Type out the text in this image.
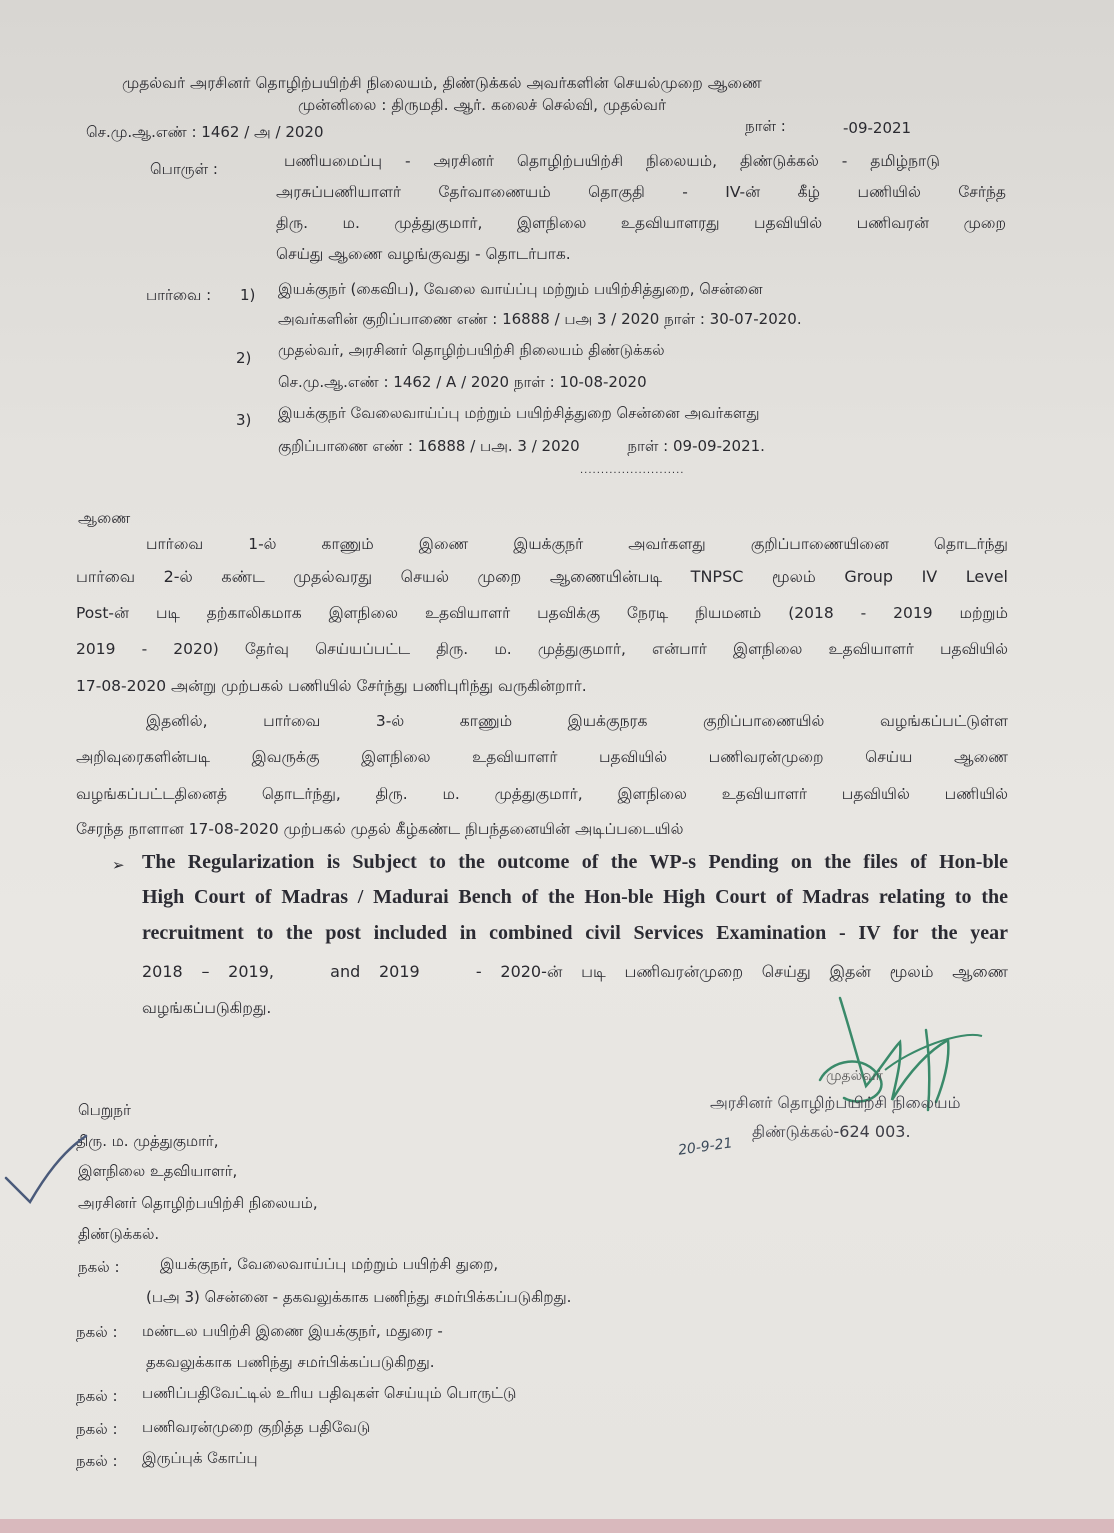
முதல்வர் அரசினர் தொழிற்பயிற்சி நிலையம், திண்டுக்கல் அவர்களின் செயல்முறை ஆணை
முன்னிலை : திருமதி. ஆர். கலைச் செல்வி, முதல்வர்
செ.மு.ஆ.எண் : 1462 / அ / 2020	நாள் :	-09-2021
பொருள் :	பணியமைப்பு - அரசினர் தொழிற்பயிற்சி நிலையம், திண்டுக்கல் - தமிழ்நாடு
அரசுப்பணியாளர் தேர்வாணையம் தொகுதி - IV-ன் கீழ் பணியில் சேர்ந்த
திரு. ம. முத்துகுமார், இளநிலை உதவியாளரது பதவியில் பணிவரன் முறை
செய்து ஆணை வழங்குவது - தொடர்பாக.
பார்வை : 1) இயக்குநர் (கைவிப), வேலை வாய்ப்பு மற்றும் பயிற்சித்துறை, சென்னை
அவர்களின் குறிப்பாணை எண் : 16888 / பஅ 3 / 2020 நாள் : 30-07-2020.
2) முதல்வர், அரசினர் தொழிற்பயிற்சி நிலையம் திண்டுக்கல்
செ.மு.ஆ.எண் : 1462 / A / 2020 நாள் : 10-08-2020
3) இயக்குநர் வேலைவாய்ப்பு மற்றும் பயிற்சித்துறை சென்னை அவர்களது
குறிப்பாணை எண் : 16888 / பஅ. 3 / 2020          நாள் : 09-09-2021.
.........................
ஆணை
பார்வை 1-ல் காணும் இணை இயக்குநர் அவர்களது குறிப்பாணையினை தொடர்ந்து
பார்வை 2-ல் கண்ட முதல்வரது செயல் முறை ஆணையின்படி TNPSC மூலம் Group IV Level
Post-ன் படி தற்காலிகமாக இளநிலை உதவியாளர் பதவிக்கு நேரடி நியமனம் (2018 - 2019 மற்றும்
2019 - 2020) தேர்வு செய்யப்பட்ட திரு. ம. முத்துகுமார், என்பார் இளநிலை உதவியாளர் பதவியில்
17-08-2020 அன்று முற்பகல் பணியில் சேர்ந்து பணிபுரிந்து வருகின்றார்.
இதனில், பார்வை 3-ல் காணும் இயக்குநரக குறிப்பாணையில் வழங்கப்பட்டுள்ள
அறிவுரைகளின்படி இவருக்கு இளநிலை உதவியாளர் பதவியில் பணிவரன்முறை செய்ய ஆணை
வழங்கப்பட்டதினைத் தொடர்ந்து, திரு. ம. முத்துகுமார், இளநிலை உதவியாளர் பதவியில் பணியில்
சேரந்த நாளான 17-08-2020 முற்பகல் முதல் கீழ்கண்ட நிபந்தனையின் அடிப்படையில்
➢ The Regularization is Subject to the outcome of the WP-s Pending on the files of Hon-ble
High Court of Madras / Madurai Bench of the Hon-ble High Court of Madras relating to the
recruitment to the post included in combined civil Services Examination - IV for the year
2018 – 2019,   and 2019   - 2020-ன் படி பணிவரன்முறை செய்து இதன் மூலம் ஆணை
வழங்கப்படுகிறது.
முதல்வர்
அரசினர் தொழிற்பயிற்சி நிலையம்
திண்டுக்கல்-624 003.
20-9-21
பெறுநர்
திரு. ம. முத்துகுமார்,
இளநிலை உதவியாளர்,
அரசினர் தொழிற்பயிற்சி நிலையம்,
திண்டுக்கல்.
நகல் :	இயக்குநர், வேலைவாய்ப்பு மற்றும் பயிற்சி துறை,
(பஅ 3) சென்னை - தகவலுக்காக பணிந்து சமர்பிக்கப்படுகிறது.
நகல் : மண்டல பயிற்சி இணை இயக்குநர், மதுரை -
தகவலுக்காக பணிந்து சமர்பிக்கப்படுகிறது.
நகல் : பணிப்பதிவேட்டில் உரிய பதிவுகள் செய்யும் பொருட்டு
நகல் : பணிவரன்முறை குறித்த பதிவேடு
நகல் : இருப்புக் கோப்பு
